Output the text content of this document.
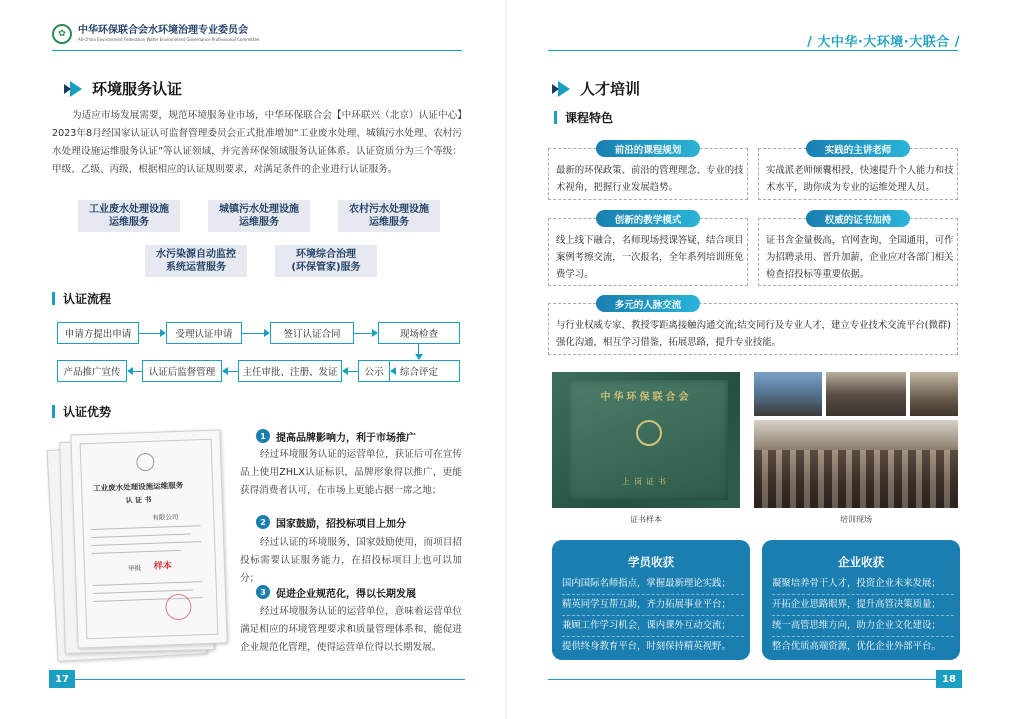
✿	中华环保联合会水环境治理专业委员会
All-China Environment Federation Water Environment Governance Professional Committee
环境服务认证
为适应市场发展需要，规范环境服务业市场，中华环保联合会【中环联兴（北京）认证中心】2023年8月经国家认证认可监督管理委员会正式批准增加“工业废水处理、城镇污水处理、农村污水处理设施运维服务认证”等认证领域，并完善环保领域服务认证体系。认证资质分为三个等级：甲级、乙级、丙级，根据相应的认证规则要求，对满足条件的企业进行认证服务。
工业废水处理设施
运维服务
城镇污水处理设施
运维服务
农村污水处理设施
运维服务
水污染源自动监控
系统运营服务
环境综合治理
(环保管家)服务
认证流程
申请方提出申请	受理认证申请	签订认证合同	现场检查
综合评定
公示
主任审批、注册、发证
认证后监督管理
产品推广宣传
认证优势
工业废水处理设施运维服务
认 证 书
有限公司
甲级 样本
1	提高品牌影响力，利于市场推广
经过环境服务认证的运营单位，获证后可在宣传品上使用ZHLX认证标识，品牌形象得以推广，更能获得消费者认可，在市场上更能占据一席之地；
2	国家鼓励，招投标项目上加分
经过认证的环境服务，国家鼓励使用，而项目招投标需要认证服务能力，在招投标项目上也可以加分；
3	促进企业规范化，得以长期发展
经过环境服务认证的运营单位，意味着运营单位满足相应的环境管理要求和质量管理体系和，能促进企业规范化管理，使得运营单位得以长期发展。
17
/ 大中华·大环境·大联合 /
人才培训
课程特色
前沿的课程规划
最新的环保政策、前沿的管理理念、专业的技术视角，把握行业发展趋势。
实践的主讲老师
实战派老师倾囊相授，快速提升个人能力和技术水平，助你成为专业的运维处理人员。
创新的教学模式
线上线下融合，名师现场授课答疑，结合项目案例考擦交流，一次报名，全年系列培训班免费学习。
权威的证书加持
证书含金量极高，官网查询，全国通用，可作为招聘录用、晋升加薪，企业应对各部门相关检查招投标等重要依据。
多元的人脉交流
与行业权威专家、教授零距离接触沟通交流;结交同行及专业人才，建立专业技术交流平台(微群)强化沟通，相互学习借鉴，拓展思路，提升专业技能。
中华环保联合会
上岗证书
证书样本	培训现场
学员收获
国内国际名师指点，掌握最新理论实践；
精英同学互帮互助，齐力拓展事业平台；
兼顾工作学习机会，课内课外互动交流；
提供终身教育平台，时刻保持精英视野。
企业收获
凝聚培养骨干人才，投资企业未来发展；
开拓企业思路眼界，提升高管决策质量；
统一高管思维方向，助力企业文化建设；
整合优质高端资源，优化企业外部平台。
18
